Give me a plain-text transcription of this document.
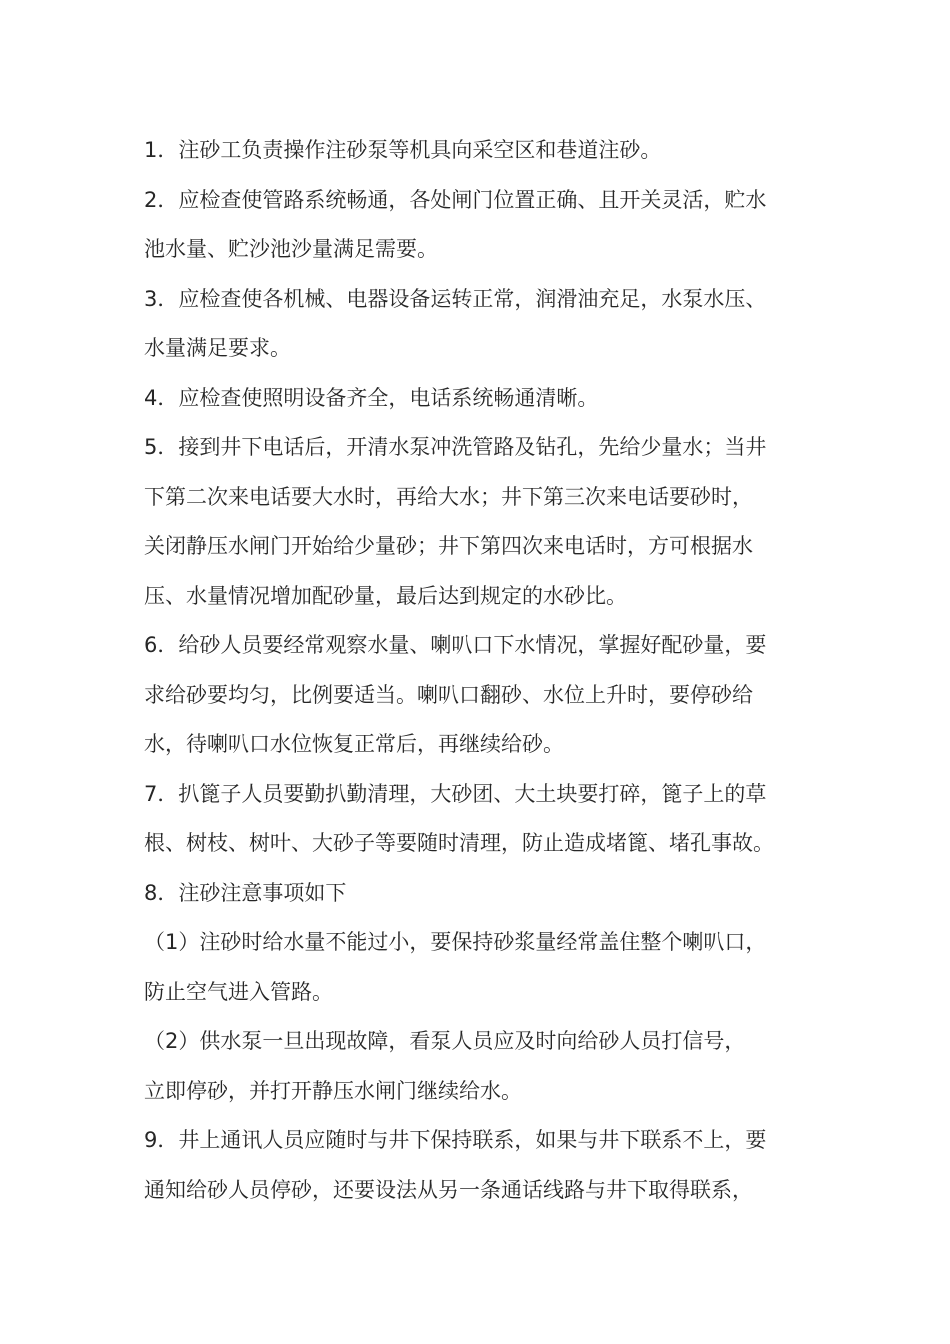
1．注砂工负责操作注砂泵等机具向采空区和巷道注砂。
2．应检查使管路系统畅通，各处闸门位置正确、且开关灵活，贮水
池水量、贮沙池沙量满足需要。
3．应检查使各机械、电器设备运转正常，润滑油充足，水泵水压、
水量满足要求。
4．应检查使照明设备齐全，电话系统畅通清晰。
5．接到井下电话后，开清水泵冲洗管路及钻孔，先给少量水；当井
下第二次来电话要大水时，再给大水；井下第三次来电话要砂时，
关闭静压水闸门开始给少量砂；井下第四次来电话时，方可根据水
压、水量情况增加配砂量，最后达到规定的水砂比。
6．给砂人员要经常观察水量、喇叭口下水情况，掌握好配砂量，要
求给砂要均匀，比例要适当。喇叭口翻砂、水位上升时，要停砂给
水，待喇叭口水位恢复正常后，再继续给砂。
7．扒篦子人员要勤扒勤清理，大砂团、大土块要打碎，篦子上的草
根、树枝、树叶、大砂子等要随时清理，防止造成堵篦、堵孔事故。
8．注砂注意事项如下
（1）注砂时给水量不能过小，要保持砂浆量经常盖住整个喇叭口，
防止空气进入管路。
（2）供水泵一旦出现故障，看泵人员应及时向给砂人员打信号，
立即停砂，并打开静压水闸门继续给水。
9．井上通讯人员应随时与井下保持联系，如果与井下联系不上，要
通知给砂人员停砂，还要设法从另一条通话线路与井下取得联系，
